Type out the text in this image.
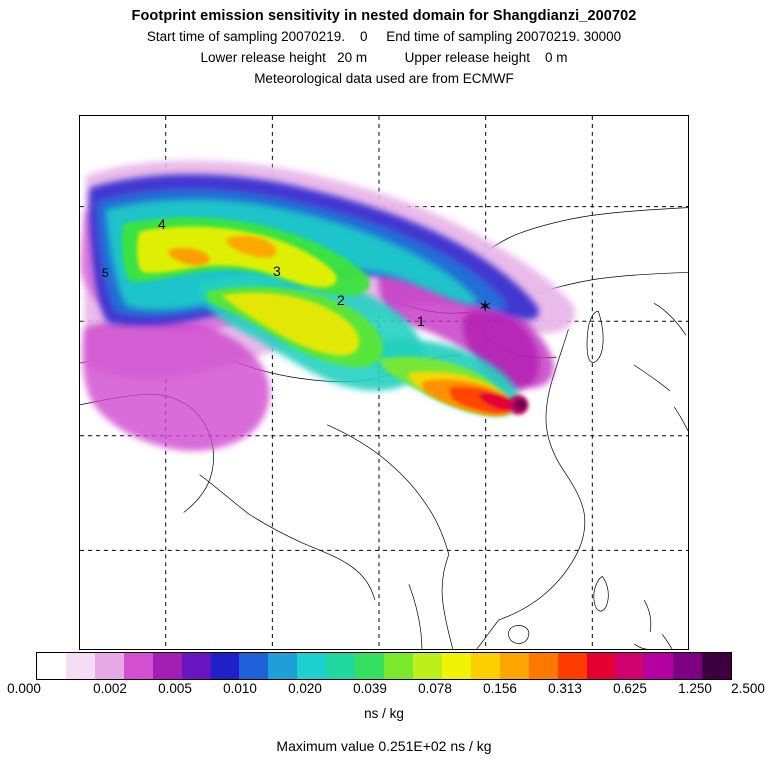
Footprint emission sensitivity in nested domain for Shangdianzi_200702
Start time of sampling 20070219.    0     End time of sampling 20070219. 30000
Lower release height   20 m          Upper release height    0 m
Meteorological data used are from ECMWF
4
3
2
1
5
✶
0.000	0.002 0.005 0.010 0.020 0.039 0.078 0.156 0.313 0.625 1.250 2.500
ns / kg
Maximum value 0.251E+02 ns / kg
